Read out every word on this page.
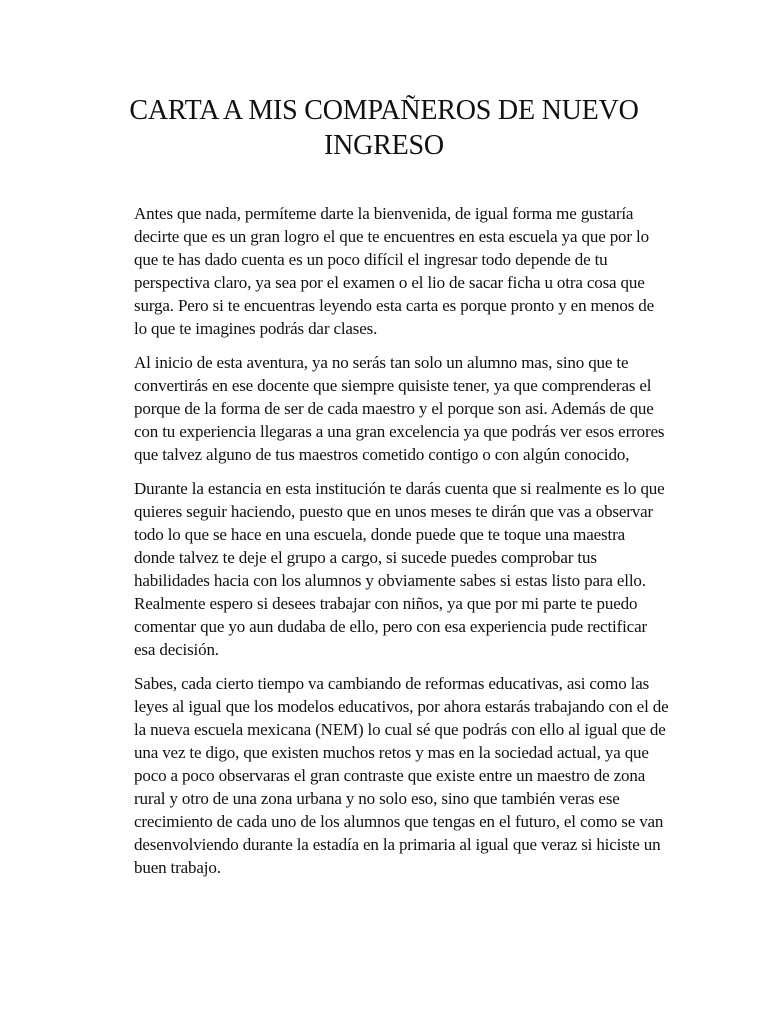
CARTA A MIS COMPAÑEROS DE NUEVO INGRESO

Antes que nada, permíteme darte la bienvenida, de igual forma me gustaría decirte que es un gran logro el que te encuentres en esta escuela ya que por lo que te has dado cuenta es un poco difícil el ingresar todo depende de tu perspectiva claro, ya sea por el examen o el lio de sacar ficha u otra cosa que surga. Pero si te encuentras leyendo esta carta es porque pronto y en menos de lo que te imagines podrás dar clases.

Al inicio de esta aventura, ya no serás tan solo un alumno mas, sino que te convertirás en ese docente que siempre quisiste tener, ya que comprenderas el porque de la forma de ser de cada maestro y el porque son asi. Además de que con tu experiencia llegaras a una gran excelencia ya que podrás ver esos errores que talvez alguno de tus maestros cometido contigo o con algún conocido,

Durante la estancia en esta institución te darás cuenta que si realmente es lo que quieres seguir haciendo, puesto que en unos meses te dirán que vas a observar todo lo que se hace en una escuela, donde puede que te toque una maestra donde talvez te deje el grupo a cargo, si sucede puedes comprobar tus habilidades hacia con los alumnos y obviamente sabes si estas listo para ello. Realmente espero si desees trabajar con niños, ya que por mi parte te puedo comentar que yo aun dudaba de ello, pero con esa experiencia pude rectificar esa decisión.

Sabes, cada cierto tiempo va cambiando de reformas educativas, asi como las leyes al igual que los modelos educativos, por ahora estarás trabajando con el de la nueva escuela mexicana (NEM) lo cual sé que podrás con ello al igual que de una vez te digo, que existen muchos retos y mas en la sociedad actual, ya que poco a poco observaras el gran contraste que existe entre un maestro de zona rural y otro de una zona urbana y no solo eso, sino que también veras ese crecimiento de cada uno de los alumnos que tengas en el futuro, el como se van desenvolviendo durante la estadía en la primaria al igual que veraz si hiciste un buen trabajo.
